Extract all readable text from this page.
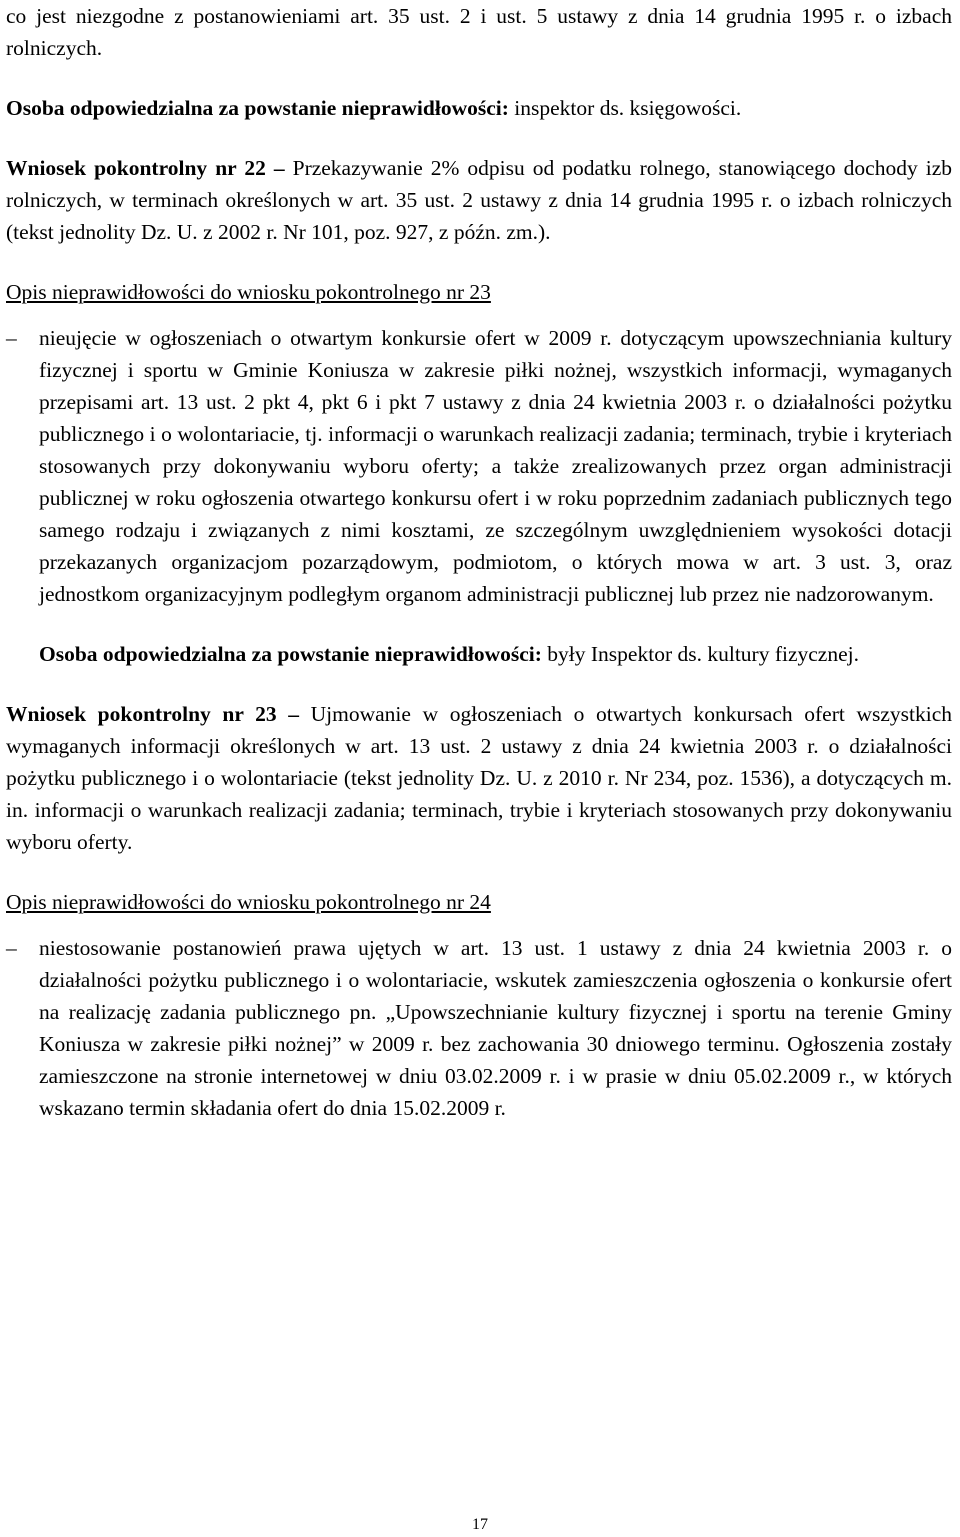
co jest niezgodne z postanowieniami art. 35 ust. 2 i ust. 5 ustawy z dnia 14 grudnia 1995 r. o izbach rolniczych.

Osoba odpowiedzialna za powstanie nieprawidłowości: inspektor ds. księgowości.

Wniosek pokontrolny nr 22 – Przekazywanie 2% odpisu od podatku rolnego, stanowiącego dochody izb rolniczych, w terminach określonych w art. 35 ust. 2 ustawy z dnia 14 grudnia 1995 r. o izbach rolniczych (tekst jednolity Dz. U. z 2002 r. Nr 101, poz. 927, z późn. zm.).

Opis nieprawidłowości do wniosku pokontrolnego nr 23

– nieujęcie w ogłoszeniach o otwartym konkursie ofert w 2009 r. dotyczącym upowszechniania kultury fizycznej i sportu w Gminie Koniusza w zakresie piłki nożnej, wszystkich informacji, wymaganych przepisami art. 13 ust. 2 pkt 4, pkt 6 i pkt 7 ustawy z dnia 24 kwietnia 2003 r. o działalności pożytku publicznego i o wolontariacie, tj. informacji o warunkach realizacji zadania; terminach, trybie i kryteriach stosowanych przy dokonywaniu wyboru oferty; a także zrealizowanych przez organ administracji publicznej w roku ogłoszenia otwartego konkursu ofert i w roku poprzednim zadaniach publicznych tego samego rodzaju i związanych z nimi kosztami, ze szczególnym uwzględnieniem wysokości dotacji przekazanych organizacjom pozarządowym, podmiotom, o których mowa w art. 3 ust. 3, oraz jednostkom organizacyjnym podległym organom administracji publicznej lub przez nie nadzorowanym.

Osoba odpowiedzialna za powstanie nieprawidłowości: były Inspektor ds. kultury fizycznej.

Wniosek pokontrolny nr 23 – Ujmowanie w ogłoszeniach o otwartych konkursach ofert wszystkich wymaganych informacji określonych w art. 13 ust. 2 ustawy z dnia 24 kwietnia 2003 r. o działalności pożytku publicznego i o wolontariacie (tekst jednolity Dz. U. z 2010 r. Nr 234, poz. 1536), a dotyczących m. in. informacji o warunkach realizacji zadania; terminach, trybie i kryteriach stosowanych przy dokonywaniu wyboru oferty.

Opis nieprawidłowości do wniosku pokontrolnego nr 24

– niestosowanie postanowień prawa ujętych w art. 13 ust. 1 ustawy z dnia 24 kwietnia 2003 r. o działalności pożytku publicznego i o wolontariacie, wskutek zamieszczenia ogłoszenia o konkursie ofert na realizację zadania publicznego pn. „Upowszechnianie kultury fizycznej i sportu na terenie Gminy Koniusza w zakresie piłki nożnej” w 2009 r. bez zachowania 30 dniowego terminu. Ogłoszenia zostały zamieszczone na stronie internetowej w dniu 03.02.2009 r. i w prasie w dniu 05.02.2009 r., w których wskazano termin składania ofert do dnia 15.02.2009 r.
17
